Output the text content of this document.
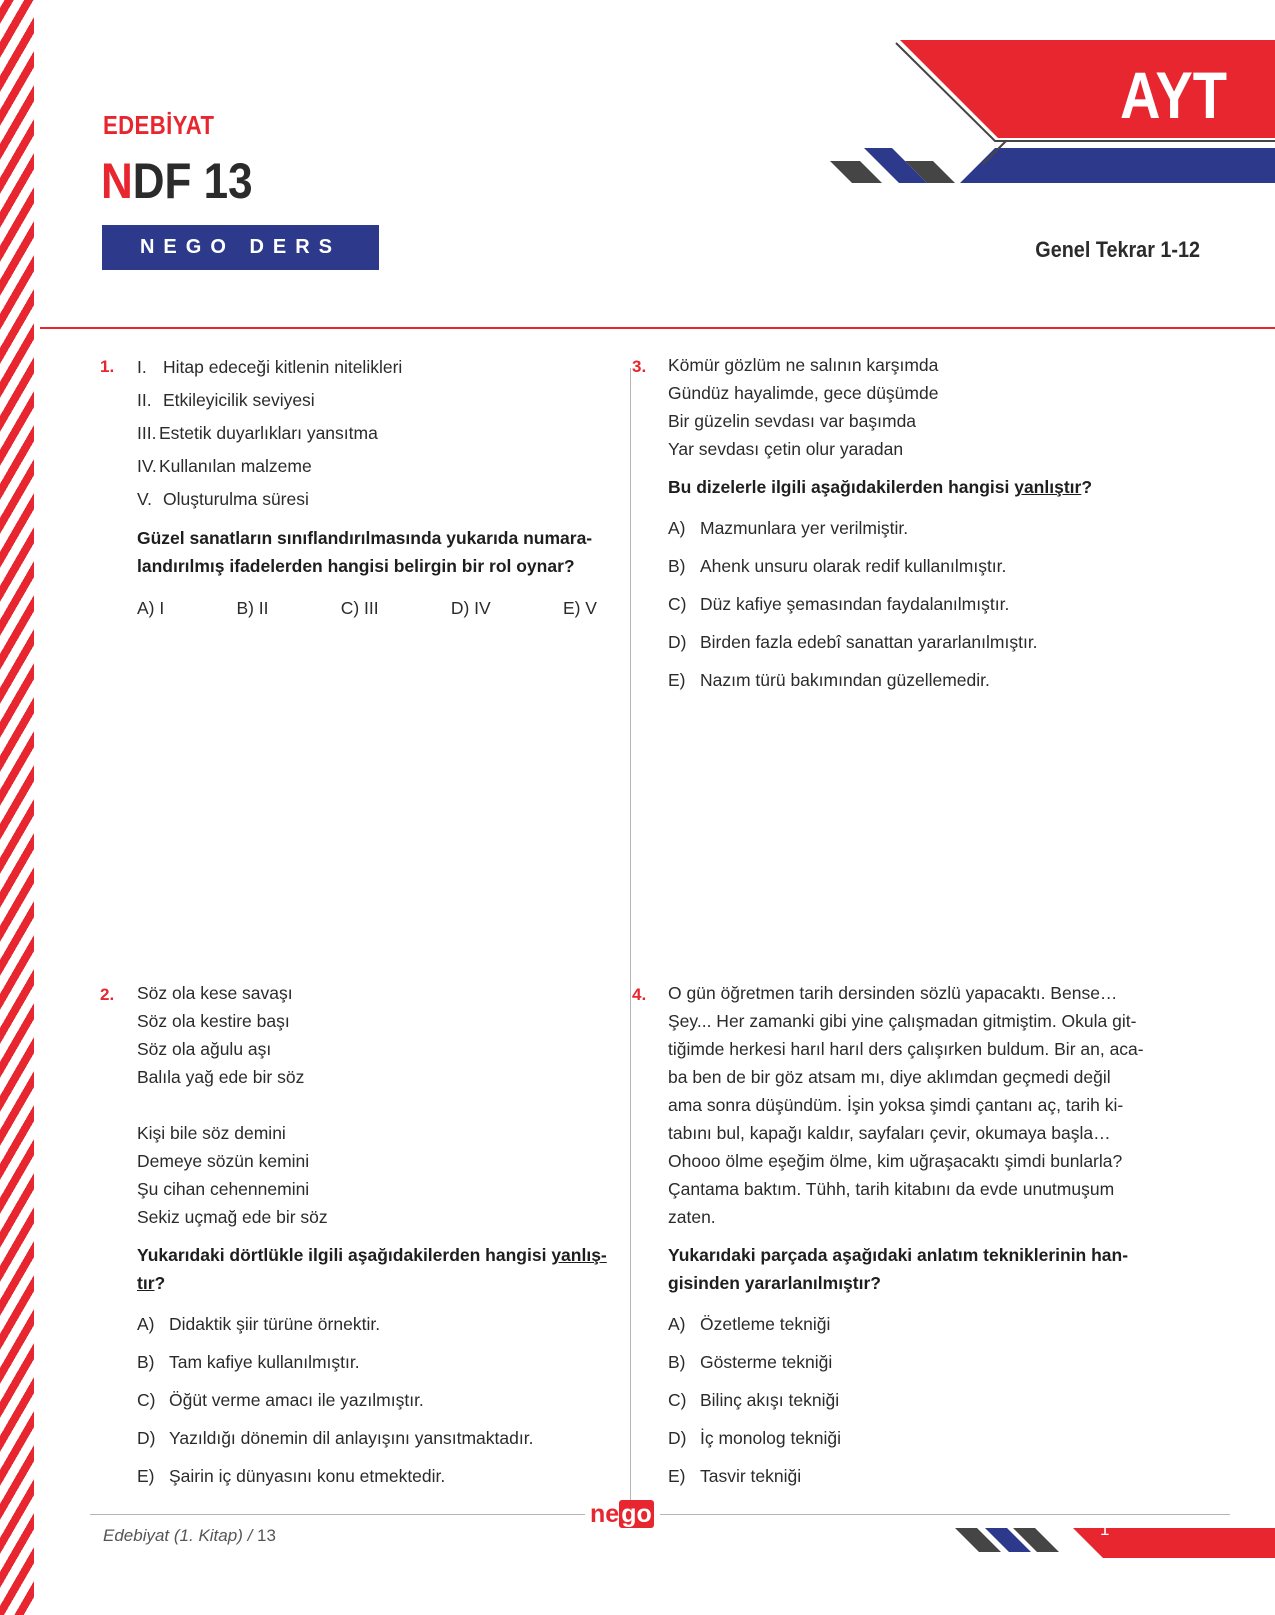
EDEBİYAT
NDF 13
NEGO DERS FÖYÜ
AYT
Genel Tekrar 1-12
1. I. Hitap edeceği kitlenin nitelikleri
II. Etkileyicilik seviyesi
III. Estetik duyarlıkları yansıtma
IV. Kullanılan malzeme
V. Oluşturulma süresi
Güzel sanatların sınıflandırılmasında yukarıda numara-
landırılmış ifadelerden hangisi belirgin bir rol oynar?
A) I	B) II	C) III	D) IV	E) V
3. Kömür gözlüm ne salının karşımda
Gündüz hayalimde, gece düşümde
Bir güzelin sevdası var başımda
Yar sevdası çetin olur yaradan
Bu dizelerle ilgili aşağıdakilerden hangisi yanlıştır?
A) Mazmunlara yer verilmiştir.
B) Ahenk unsuru olarak redif kullanılmıştır.
C) Düz kafiye şemasından faydalanılmıştır.
D) Birden fazla edebî sanattan yararlanılmıştır.
E) Nazım türü bakımından güzellemedir.
2. Söz ola kese savaşı
Söz ola kestire başı
Söz ola ağulu aşı
Balıla yağ ede bir söz
Kişi bile söz demini
Demeye sözün kemini
Şu cihan cehennemini
Sekiz uçmağ ede bir söz
Yukarıdaki dörtlükle ilgili aşağıdakilerden hangisi yanlış-
tır?
A) Didaktik şiir türüne örnektir.
B) Tam kafiye kullanılmıştır.
C) Öğüt verme amacı ile yazılmıştır.
D) Yazıldığı dönemin dil anlayışını yansıtmaktadır.
E) Şairin iç dünyasını konu etmektedir.
4. O gün öğretmen tarih dersinden sözlü yapacaktı. Bense…
Şey... Her zamanki gibi yine çalışmadan gitmiştim. Okula git-
tiğimde herkesi harıl harıl ders çalışırken buldum. Bir an, aca-
ba ben de bir göz atsam mı, diye aklımdan geçmedi değil
ama sonra düşündüm. İşin yoksa şimdi çantanı aç, tarih ki-
tabını bul, kapağı kaldır, sayfaları çevir, okumaya başla…
Ohooo ölme eşeğim ölme, kim uğraşacaktı şimdi bunlarla?
Çantama baktım. Tühh, tarih kitabını da evde unutmuşum
zaten.
Yukarıdaki parçada aşağıdaki anlatım tekniklerinin han-
gisinden yararlanılmıştır?
A) Özetleme tekniği
B) Gösterme tekniği
C) Bilinç akışı tekniği
D) İç monolog tekniği
E) Tasvir tekniği
Edebiyat (1. Kitap) / 13
nego
1
